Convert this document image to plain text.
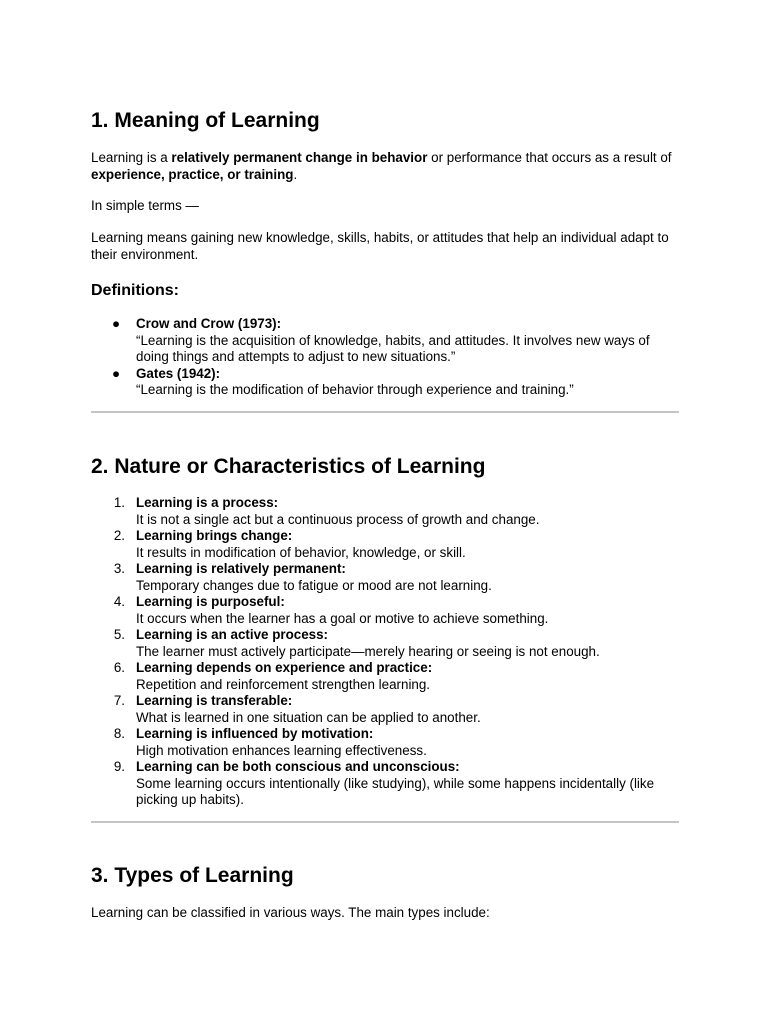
1. Meaning of Learning

Learning is a relatively permanent change in behavior or performance that occurs as a result of experience, practice, or training.

In simple terms —

Learning means gaining new knowledge, skills, habits, or attitudes that help an individual adapt to their environment.

Definitions:
● Crow and Crow (1973):
“Learning is the acquisition of knowledge, habits, and attitudes. It involves new ways of doing things and attempts to adjust to new situations.”
● Gates (1942):
“Learning is the modification of behavior through experience and training.”
2. Nature or Characteristics of Learning
1. Learning is a process:
It is not a single act but a continuous process of growth and change.
2. Learning brings change:
It results in modification of behavior, knowledge, or skill.
3. Learning is relatively permanent:
Temporary changes due to fatigue or mood are not learning.
4. Learning is purposeful:
It occurs when the learner has a goal or motive to achieve something.
5. Learning is an active process:
The learner must actively participate—merely hearing or seeing is not enough.
6. Learning depends on experience and practice:
Repetition and reinforcement strengthen learning.
7. Learning is transferable:
What is learned in one situation can be applied to another.
8. Learning is influenced by motivation:
High motivation enhances learning effectiveness.
9. Learning can be both conscious and unconscious:
Some learning occurs intentionally (like studying), while some happens incidentally (like picking up habits).
3. Types of Learning

Learning can be classified in various ways. The main types include:
